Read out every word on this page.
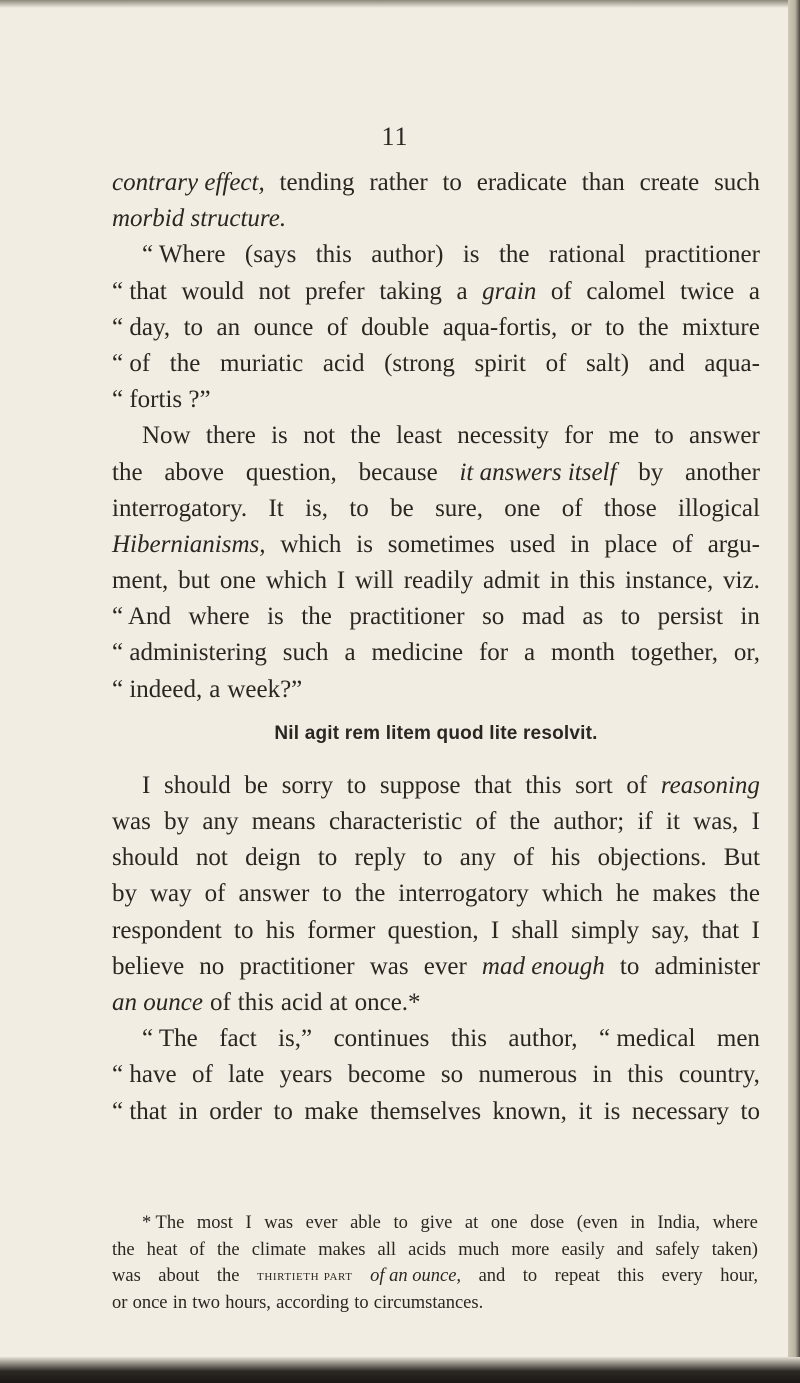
11
contrary effect, tending rather to eradicate than create such
morbid structure.
“ Where (says this author) is the rational practitioner
“ that would not prefer taking a grain of calomel twice a
“ day, to an ounce of double aqua-fortis, or to the mixture
“ of the muriatic acid (strong spirit of salt) and aqua-
“ fortis ?”
Now there is not the least necessity for me to answer
the above question, because it answers itself by another
interrogatory. It is, to be sure, one of those illogical
Hibernianisms, which is sometimes used in place of argu-
ment, but one which I will readily admit in this instance, viz.
“ And where is the practitioner so mad as to persist in
“ administering such a medicine for a month together, or,
“ indeed, a week?”
Nil agit rem litem quod lite resolvit.
I should be sorry to suppose that this sort of reasoning
was by any means characteristic of the author; if it was, I
should not deign to reply to any of his objections. But
by way of answer to the interrogatory which he makes the
respondent to his former question, I shall simply say, that I
believe no practitioner was ever mad enough to administer
an ounce of this acid at once.*
“ The fact is,” continues this author, “ medical men
“ have of late years become so numerous in this country,
“ that in order to make themselves known, it is necessary to
* The most I was ever able to give at one dose (even in India, where
the heat of the climate makes all acids much more easily and safely taken)
was about the thirtieth part of an ounce, and to repeat this every hour,
or once in two hours, according to circumstances.
